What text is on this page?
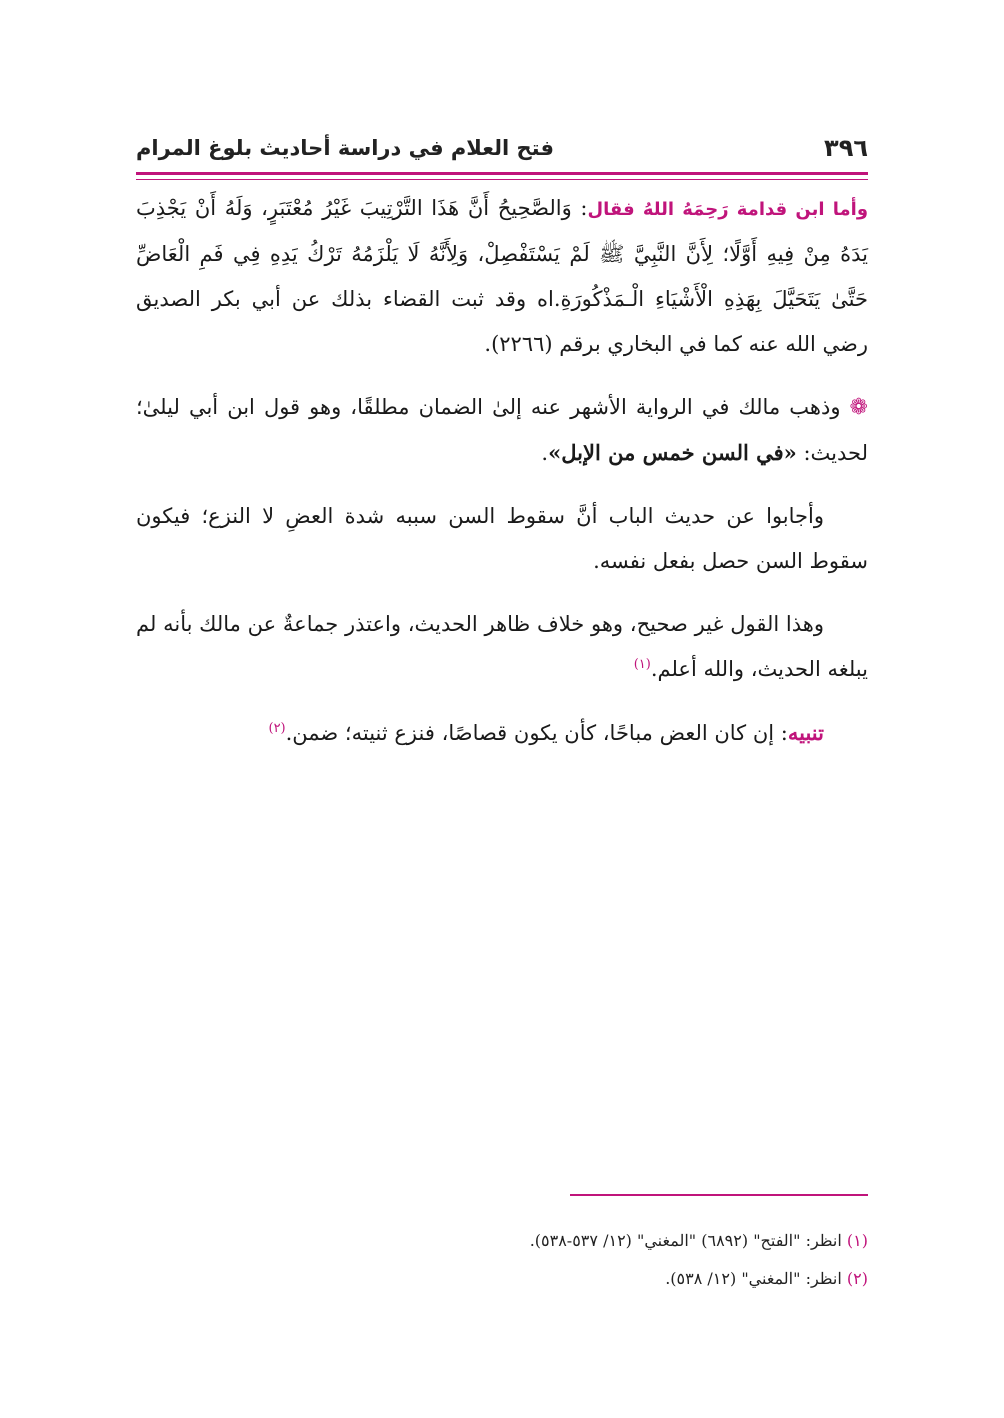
٣٩٦
فتح العلام في دراسة أحاديث بلوغ المرام

وأما ابن قدامة رَحِمَهُ اللهُ فقال: وَالصَّحِيحُ أَنَّ هَذَا التَّرْتِيبَ غَيْرُ مُعْتَبَرٍ، وَلَهُ أَنْ يَجْذِبَ يَدَهُ مِنْ فِيهِ أَوَّلًا؛ لِأَنَّ النَّبِيَّ ﷺ لَمْ يَسْتَفْصِلْ، وَلِأَنَّهُ لَا يَلْزَمُهُ تَرْكُ يَدِهِ فِي فَمِ الْعَاضِّ حَتَّىٰ يَتَحَيَّلَ بِهَذِهِ الْأَشْيَاءِ الْـمَذْكُورَةِ.اه وقد ثبت القضاء بذلك عن أبي بكر الصديق رضي الله عنه كما في البخاري برقم (٢٢٦٦).

❁ وذهب مالك في الرواية الأشهر عنه إلىٰ الضمان مطلقًا، وهو قول ابن أبي ليلىٰ؛ لحديث: «في السن خمس من الإبل».

وأجابوا عن حديث الباب أنَّ سقوط السن سببه شدة العضِ لا النزع؛ فيكون سقوط السن حصل بفعل نفسه.

وهذا القول غير صحيح، وهو خلاف ظاهر الحديث، واعتذر جماعةٌ عن مالك بأنه لم يبلغه الحديث، والله أعلم.$^{(١)}$

تنبيه: إن كان العض مباحًا، كأن يكون قصاصًا، فنزع ثنيته؛ ضمن.$^{(٢)}$

(١) انظر: "الفتح" (٦٨٩٢) "المغني" (١٢/ ٥٣٧-٥٣٨).

(٢) انظر: "المغني" (١٢/ ٥٣٨).
